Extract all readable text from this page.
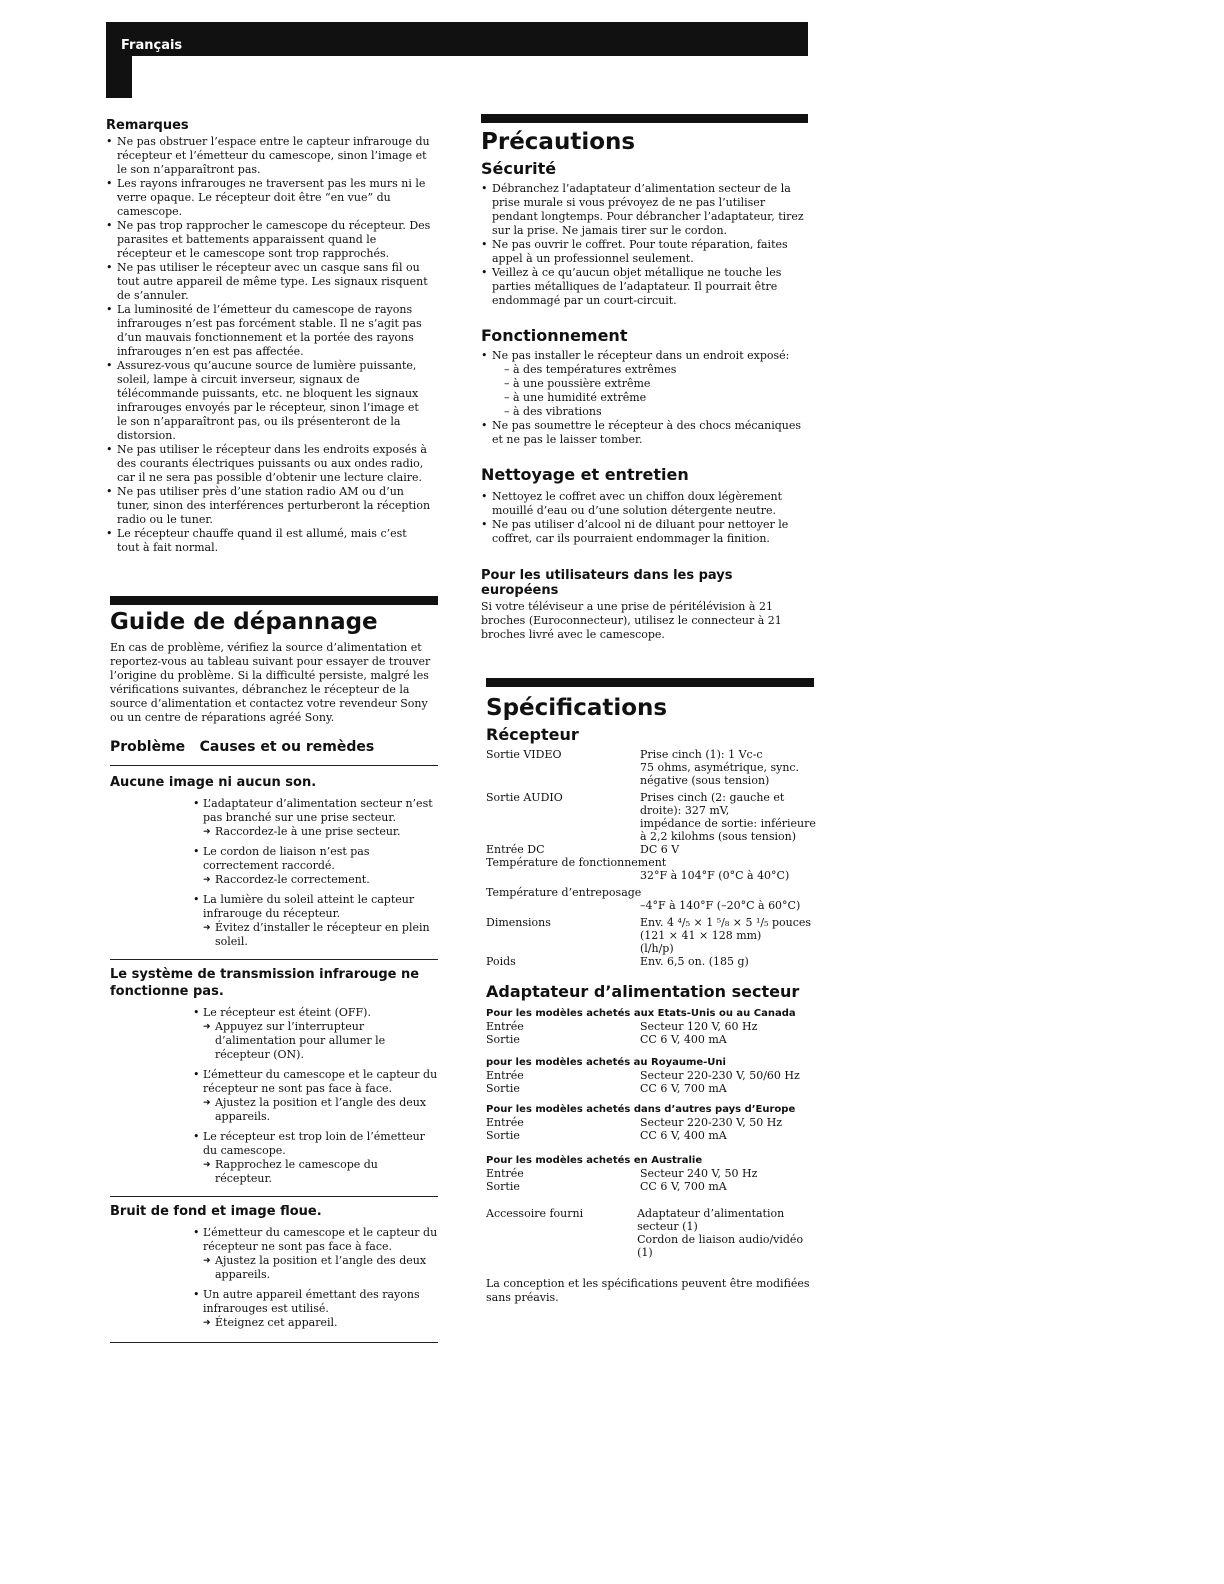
Français
Remarques
• Ne pas obstruer l’espace entre le capteur infrarouge du récepteur et l’émetteur du camescope, sinon l’image et le son n’apparaîtront pas.
• Les rayons infrarouges ne traversent pas les murs ni le verre opaque. Le récepteur doit être “en vue” du camescope.
• Ne pas trop rapprocher le camescope du récepteur. Des parasites et battements apparaissent quand le récepteur et le camescope sont trop rapprochés.
• Ne pas utiliser le récepteur avec un casque sans fil ou tout autre appareil de même type. Les signaux risquent de s’annuler.
• La luminosité de l’émetteur du camescope de rayons infrarouges n’est pas forcément stable. Il ne s’agit pas d’un mauvais fonctionnement et la portée des rayons infrarouges n’en est pas affectée.
• Assurez-vous qu’aucune source de lumière puissante, soleil, lampe à circuit inverseur, signaux de télécommande puissants, etc. ne bloquent les signaux infrarouges envoyés par le récepteur, sinon l’image et le son n’apparaîtront pas, ou ils présenteront de la distorsion.
• Ne pas utiliser le récepteur dans les endroits exposés à des courants électriques puissants ou aux ondes radio, car il ne sera pas possible d’obtenir une lecture claire.
• Ne pas utiliser près d’une station radio AM ou d’un tuner, sinon des interférences perturberont la réception radio ou le tuner.
• Le récepteur chauffe quand il est allumé, mais c’est tout à fait normal.
Guide de dépannage

En cas de problème, vérifiez la source d’alimentation et reportez-vous au tableau suivant pour essayer de trouver l’origine du problème. Si la difficulté persiste, malgré les vérifications suivantes, débranchez le récepteur de la source d’alimentation et contactez votre revendeur Sony ou un centre de réparations agréé Sony.

Problème Causes et ou remèdes
Aucune image ni aucun son.
• L’adaptateur d’alimentation secteur n’est pas branché sur une prise secteur.
➜ Raccordez-le à une prise secteur.
• Le cordon de liaison n’est pas correctement raccordé.
➜ Raccordez-le correctement.
• La lumière du soleil atteint le capteur infrarouge du récepteur.
➜ Évitez d’installer le récepteur en plein soleil.
Le système de transmission infrarouge ne fonctionne pas.
• Le récepteur est éteint (OFF).
➜ Appuyez sur l’interrupteur d’alimentation pour allumer le récepteur (ON).
• L’émetteur du camescope et le capteur du récepteur ne sont pas face à face.
➜ Ajustez la position et l’angle des deux appareils.
• Le récepteur est trop loin de l’émetteur du camescope.
➜ Rapprochez le camescope du récepteur.
Bruit de fond et image floue.
• L’émetteur du camescope et le capteur du récepteur ne sont pas face à face.
➜ Ajustez la position et l’angle des deux appareils.
• Un autre appareil émettant des rayons infrarouges est utilisé.
➜ Éteignez cet appareil.
Précautions
Sécurité
• Débranchez l’adaptateur d’alimentation secteur de la prise murale si vous prévoyez de ne pas l’utiliser pendant longtemps. Pour débrancher l’adaptateur, tirez sur la prise. Ne jamais tirer sur le cordon.
• Ne pas ouvrir le coffret. Pour toute réparation, faites appel à un professionnel seulement.
• Veillez à ce qu’aucun objet métallique ne touche les parties métalliques de l’adaptateur. Il pourrait être endommagé par un court-circuit.
Fonctionnement
• Ne pas installer le récepteur dans un endroit exposé:
– à des températures extrêmes
– à une poussière extrême
– à une humidité extrême
– à des vibrations
• Ne pas soumettre le récepteur à des chocs mécaniques et ne pas le laisser tomber.
Nettoyage et entretien
• Nettoyez le coffret avec un chiffon doux légèrement mouillé d’eau ou d’une solution détergente neutre.
• Ne pas utiliser d’alcool ni de diluant pour nettoyer le coffret, car ils pourraient endommager la finition.
Pour les utilisateurs dans les pays européens

Si votre téléviseur a une prise de péritélévision à 21 broches (Euroconnecteur), utilisez le connecteur à 21 broches livré avec le camescope.

Spécifications
Récepteur
Sortie VIDEO	Prise cinch (1): 1 Vc-c
75 ohms, asymétrique, sync. négative (sous tension)
Sortie AUDIO	Prises cinch (2: gauche et droite): 327 mV,
impédance de sortie: inférieure à 2,2 kilohms (sous tension)
Entrée DC	DC 6 V
Température de fonctionnement	
	32°F à 104°F (0°C à 40°C)
Température d’entreposage	
	–4°F à 140°F (–20°C à 60°C)
Dimensions	Env. 4 ⁴/₅ × 1 ⁵/₈ × 5 ¹/₅ pouces
(121 × 41 × 128 mm)
(l/h/p)
Poids	Env. 6,5 on. (185 g)
Adaptateur d’alimentation secteur
Pour les modèles achetés aux Etats-Unis ou au Canada
Entrée	Secteur 120 V, 60 Hz
Sortie	CC 6 V, 400 mA
pour les modèles achetés au Royaume-Uni
Entrée	Secteur 220-230 V, 50/60 Hz
Sortie	CC 6 V, 700 mA
Pour les modèles achetés dans d’autres pays d’Europe
Entrée	Secteur 220-230 V, 50 Hz
Sortie	CC 6 V, 400 mA
Pour les modèles achetés en Australie
Entrée	Secteur 240 V, 50 Hz
Sortie	CC 6 V, 700 mA
Accessoire fourni	Adaptateur d’alimentation secteur (1)
Cordon de liaison audio/vidéo (1)

La conception et les spécifications peuvent être modifiées sans préavis.
